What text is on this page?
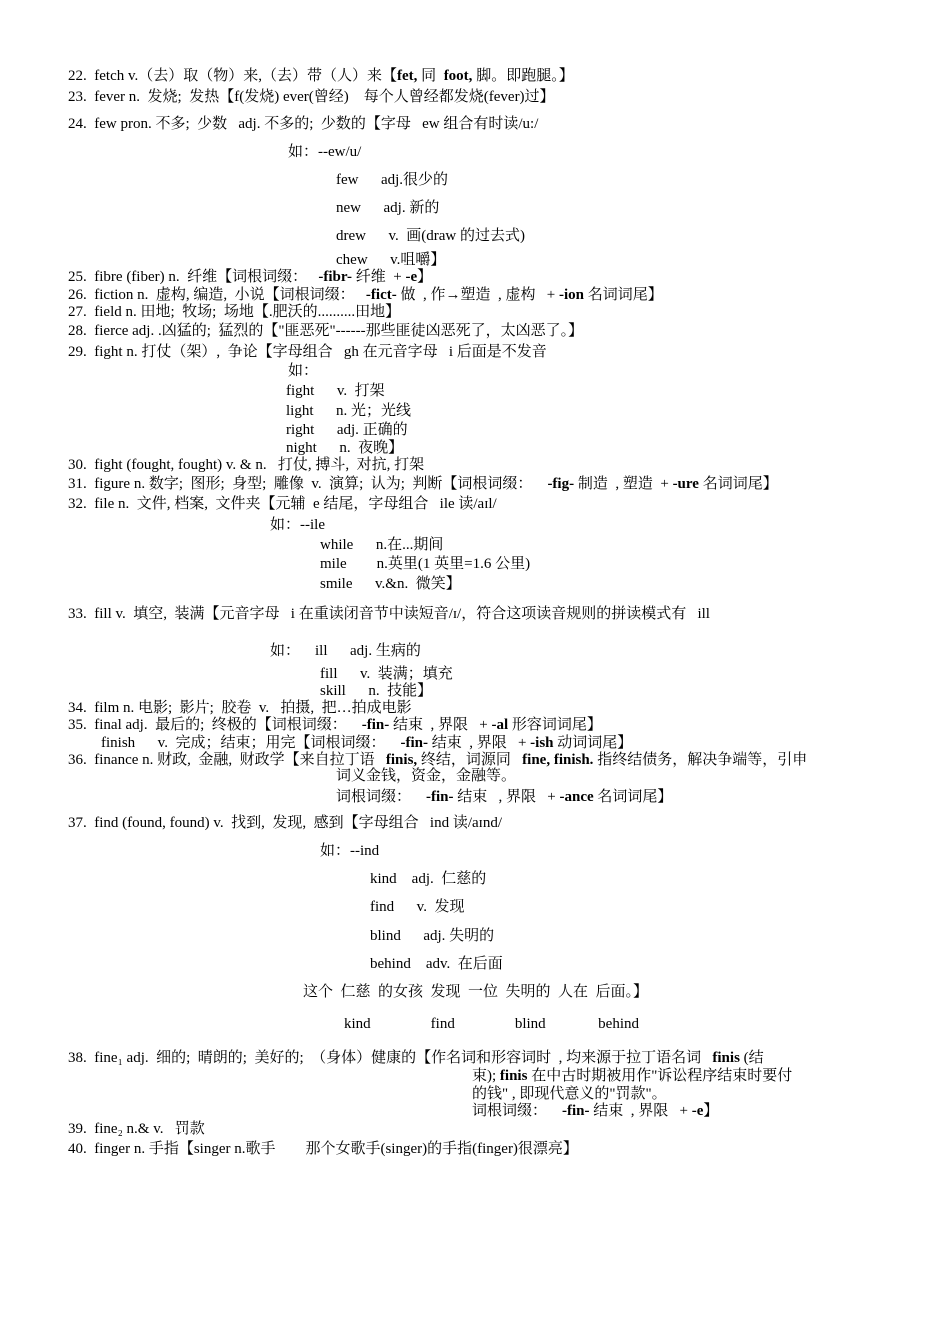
22.  fetch v.（去）取（物）来,（去）带（人）来【fet, 同  foot, 脚。即跑腿。】
23.  fever n.  发烧;  发热【f(发烧) ever(曾经)    每个人曾经都发烧(fever)过】
24.  few pron. 不多;  少数   adj. 不多的;  少数的【字母   ew 组合有时读/u:/
如：--ew/u/
few      adj.很少的
new      adj. 新的
drew      v.  画(draw 的过去式)
chew      v.咀嚼】
25.  fibre (fiber) n.  纤维【词根词缀：   -fibr- 纤维  + -e】
26.  fiction n.  虚构, 编造,  小说【词根词缀：   -fict- 做  , 作→塑造  , 虚构   + -ion 名词词尾】
27.  field n. 田地;  牧场;  场地【.肥沃的..........田地】
28.  fierce adj. .凶猛的;  猛烈的【"匪恶死"------那些匪徒凶恶死了，太凶恶了。】
29.  fight n. 打仗（架）,  争论【字母组合   gh 在元音字母   i 后面是不发音
如：
fight      v.  打架
light      n. 光；光线
right      adj. 正确的
night      n.  夜晚】
30.  fight (fought, fought) v. & n.   打仗, 搏斗,  对抗, 打架
31.  figure n. 数字;  图形;  身型;  雕像  v.  演算;  认为;  判断【词根词缀：    -fig- 制造  , 塑造  + -ure 名词词尾】
32.  file n.  文件, 档案,  文件夹【元辅  e 结尾，字母组合   ile 读/aɪl/
如：--ile
while      n.在...期间
mile        n.英里(1 英里=1.6 公里)
smile      v.&n.  微笑】
33.  fill v.  填空,  装满【元音字母   i 在重读闭音节中读短音/ɪ/，符合这项读音规则的拼读模式有   ill
如：    ill      adj. 生病的
fill      v.  装满；填充
skill      n.  技能】
34.  film n. 电影;  影片;  胶卷  v.   拍摄,  把…拍成电影
35.  final adj.  最后的;  终极的【词根词缀：    -fin- 结束  , 界限   + -al 形容词词尾】
finish      v.  完成；结束；用完【词根词缀：    -fin- 结束  , 界限   + -ish 动词词尾】
36.  finance n. 财政,  金融,  财政学【来自拉丁语   finis, 终结，词源同   fine, finish. 指终结债务，解决争端等，引申
词义金钱，资金，金融等。
词根词缀：    -fin- 结束   , 界限   + -ance 名词词尾】
37.  find (found, found) v.  找到,  发现,  感到【字母组合   ind 读/aɪnd/
如：--ind
kind    adj.  仁慈的
find      v.  发现
blind      adj. 失明的
behind    adv.  在后面
这个  仁慈  的女孩  发现  一位  失明的  人在  后面。】
kind                find                blind              behind
38.  fine₁ adj.  细的;  晴朗的;  美好的;  （身体）健康的【作名词和形容词时  , 均来源于拉丁语名词   finis (结
束); finis 在中古时期被用作"诉讼程序结束时要付
的钱" , 即现代意义的"罚款"。
词根词缀：    -fin- 结束  , 界限   + -e】
39.  fine₂ n.& v.   罚款
40.  finger n. 手指【singer n.歌手        那个女歌手(singer)的手指(finger)很漂亮】
